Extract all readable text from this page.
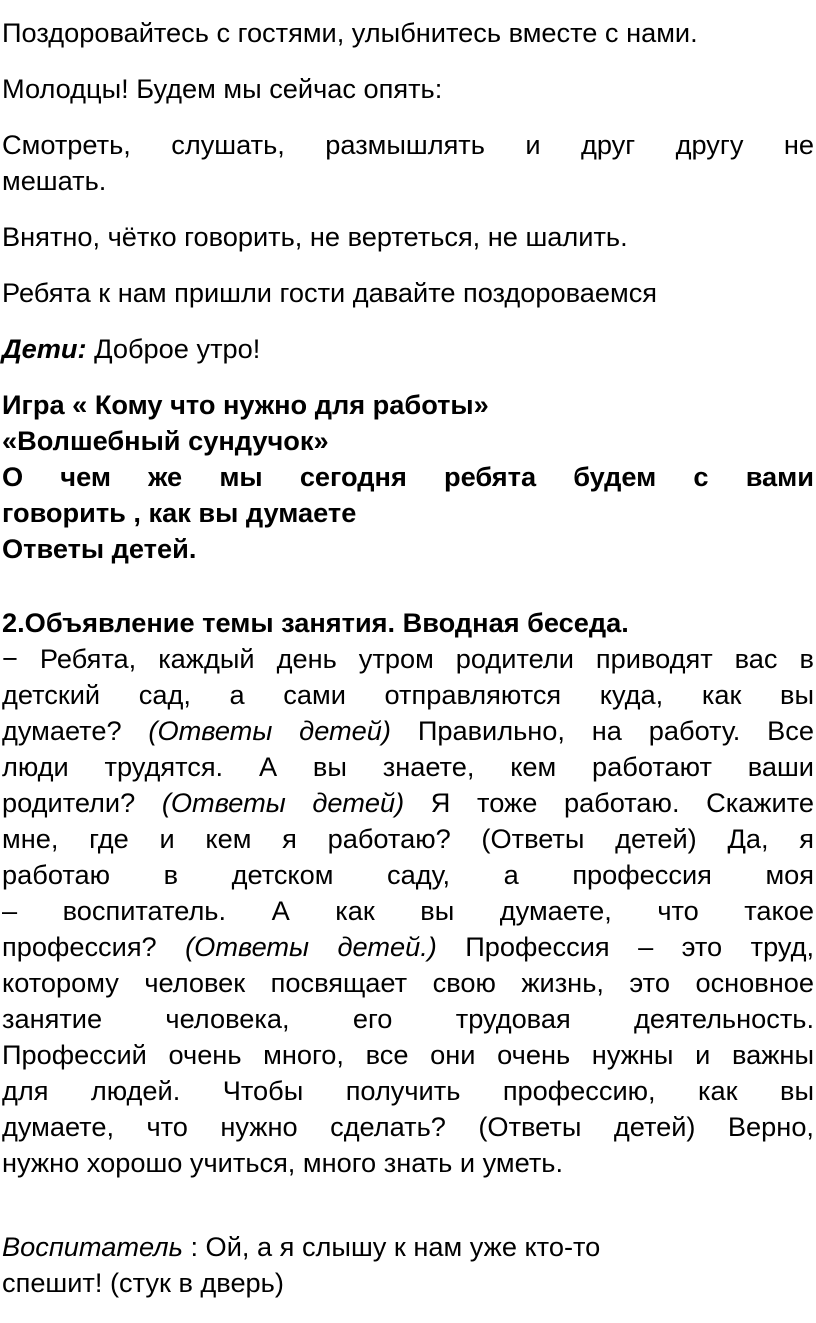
Поздоровайтесь с гостями, улыбнитесь вместе с нами.

Молодцы! Будем мы сейчас опять:

Смотреть, слушать, размышлять и друг другу не
мешать.

Внятно, чётко говорить, не вертеться, не шалить.

Ребята к нам пришли гости давайте поздороваемся

Дети: Доброе утро!

Игра « Кому что нужно для работы»

«Волшебный сундучок»

О чем же мы сегодня ребята будем с вами
говорить , как вы думаете

Ответы детей.

2.Объявление темы занятия. Вводная беседа.

− Ребята, каждый день утром родители приводят вас в
детский сад, а сами отправляются куда, как вы
думаете? (Ответы детей) Правильно, на работу. Все
люди трудятся. А вы знаете, кем работают ваши
родители? (Ответы детей) Я тоже работаю. Скажите
мне, где и кем я работаю? (Ответы детей) Да, я
работаю в детском саду, а профессия моя
– воспитатель. А как вы думаете, что такое
профессия? (Ответы детей.) Профессия – это труд,
которому человек посвящает свою жизнь, это основное
занятие человека, его трудовая деятельность.
Профессий очень много, все они очень нужны и важны
для людей. Чтобы получить профессию, как вы
думаете, что нужно сделать? (Ответы детей) Верно,
нужно хорошо учиться, много знать и уметь.

Воспитатель : Ой, а я слышу к нам уже кто-то

спешит! (стук в дверь)
